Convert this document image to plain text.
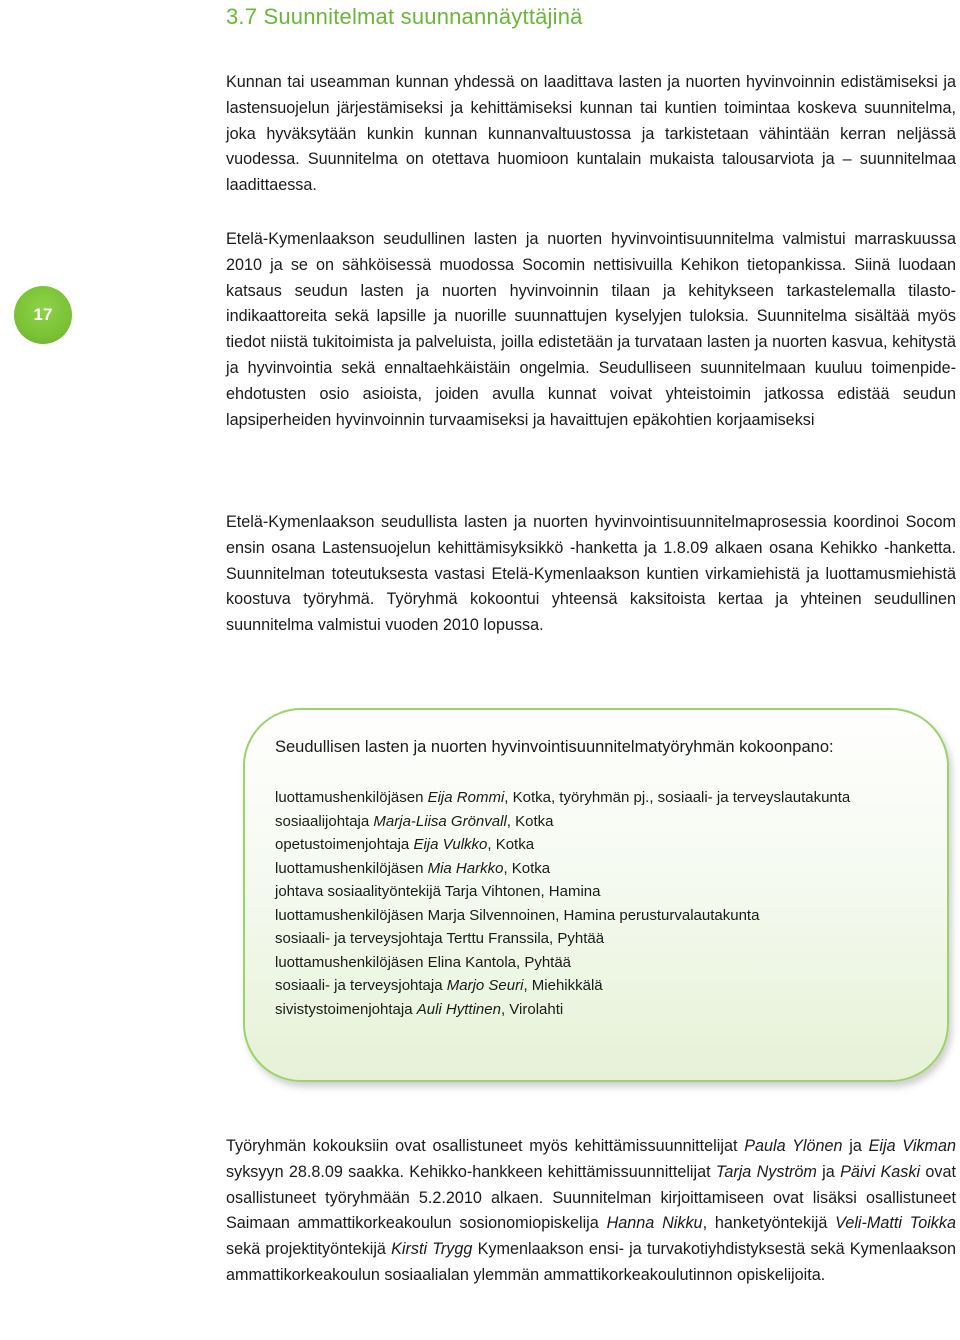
3.7 Suunnitelmat suunnannäyttäjinä
17
Kunnan tai useamman kunnan yhdessä on laadittava lasten ja nuorten hyvinvoinnin edistämiseksi ja lastensuojelun järjestämiseksi ja kehittämiseksi kunnan tai kuntien toimintaa koskeva suunnitelma, joka hyväksytään kunkin kunnan kunnanvaltuustossa ja tarkistetaan vähintään kerran neljässä vuodessa. Suunnitelma on otettava huomioon kuntalain mukaista talousarviota ja – suunnitelmaa laadittaessa.
Etelä-Kymenlaakson seudullinen lasten ja nuorten hyvinvointisuunnitelma valmistui marraskuussa 2010 ja se on sähköisessä muodossa Socomin nettisivuilla Kehikon tietopankissa. Siinä luodaan katsaus seudun lasten ja nuorten hyvinvoinnin tilaan ja kehitykseen tarkastelemalla tilasto-indikaattoreita sekä lapsille ja nuorille suunnattujen kyselyjen tuloksia. Suunnitelma sisältää myös tiedot niistä tukitoimista ja palveluista, joilla edistetään ja turvataan lasten ja nuorten kasvua, kehitystä ja hyvinvointia sekä ennaltaehkäistäin ongelmia. Seudulliseen suunnitelmaan kuuluu toimenpide-ehdotusten osio asioista, joiden avulla kunnat voivat yhteistoimin jatkossa edistää seudun lapsiperheiden hyvinvoinnin turvaamiseksi ja havaittujen epäkohtien korjaamiseksi
Etelä-Kymenlaakson seudullista lasten ja nuorten hyvinvointisuunnitelmaprosessia koordinoi Socom ensin osana Lastensuojelun kehittämisyksikkö -hanketta ja 1.8.09 alkaen osana Kehikko -hanketta. Suunnitelman toteutuksesta vastasi Etelä-Kymenlaakson kuntien virkamiehistä ja luottamusmiehistä koostuva työryhmä. Työryhmä kokoontui yhteensä kaksitoista kertaa ja yhteinen seudullinen suunnitelma valmistui vuoden 2010 lopussa.
Seudullisen lasten ja nuorten hyvinvointisuunnitelmatyöryhmän kokoonpano:
luottamushenkilöjäsen Eija Rommi, Kotka, työryhmän pj., sosiaali- ja terveyslautakunta
sosiaalijohtaja Marja-Liisa Grönvall, Kotka
opetustoimenjohtaja Eija Vulkko, Kotka
luottamushenkilöjäsen Mia Harkko, Kotka
johtava sosiaalityöntekijä Tarja Vihtonen, Hamina
luottamushenkilöjäsen Marja Silvennoinen, Hamina perusturvalautakunta
sosiaali- ja terveysjohtaja Terttu Franssila, Pyhtää
luottamushenkilöjäsen Elina Kantola, Pyhtää
sosiaali- ja terveysjohtaja Marjo Seuri, Miehikkälä
sivistystoimenjohtaja Auli Hyttinen, Virolahti
Työryhmän kokouksiin ovat osallistuneet myös kehittämissuunnittelijat Paula Ylönen ja Eija Vikman syksyyn 28.8.09 saakka. Kehikko-hankkeen kehittämissuunnittelijat Tarja Nyström ja Päivi Kaski ovat osallistuneet työryhmään 5.2.2010 alkaen. Suunnitelman kirjoittamiseen ovat lisäksi osallistuneet Saimaan ammattikorkeakoulun sosionomiopiskelija Hanna Nikku, hanketyöntekijä Veli-Matti Toikka sekä projektityöntekijä Kirsti Trygg Kymenlaakson ensi- ja turvakotiyhdistyksestä sekä Kymenlaakson ammattikorkeakoulun sosiaalialan ylemmän ammattikorkeakoulutinnon opiskelijoita.
